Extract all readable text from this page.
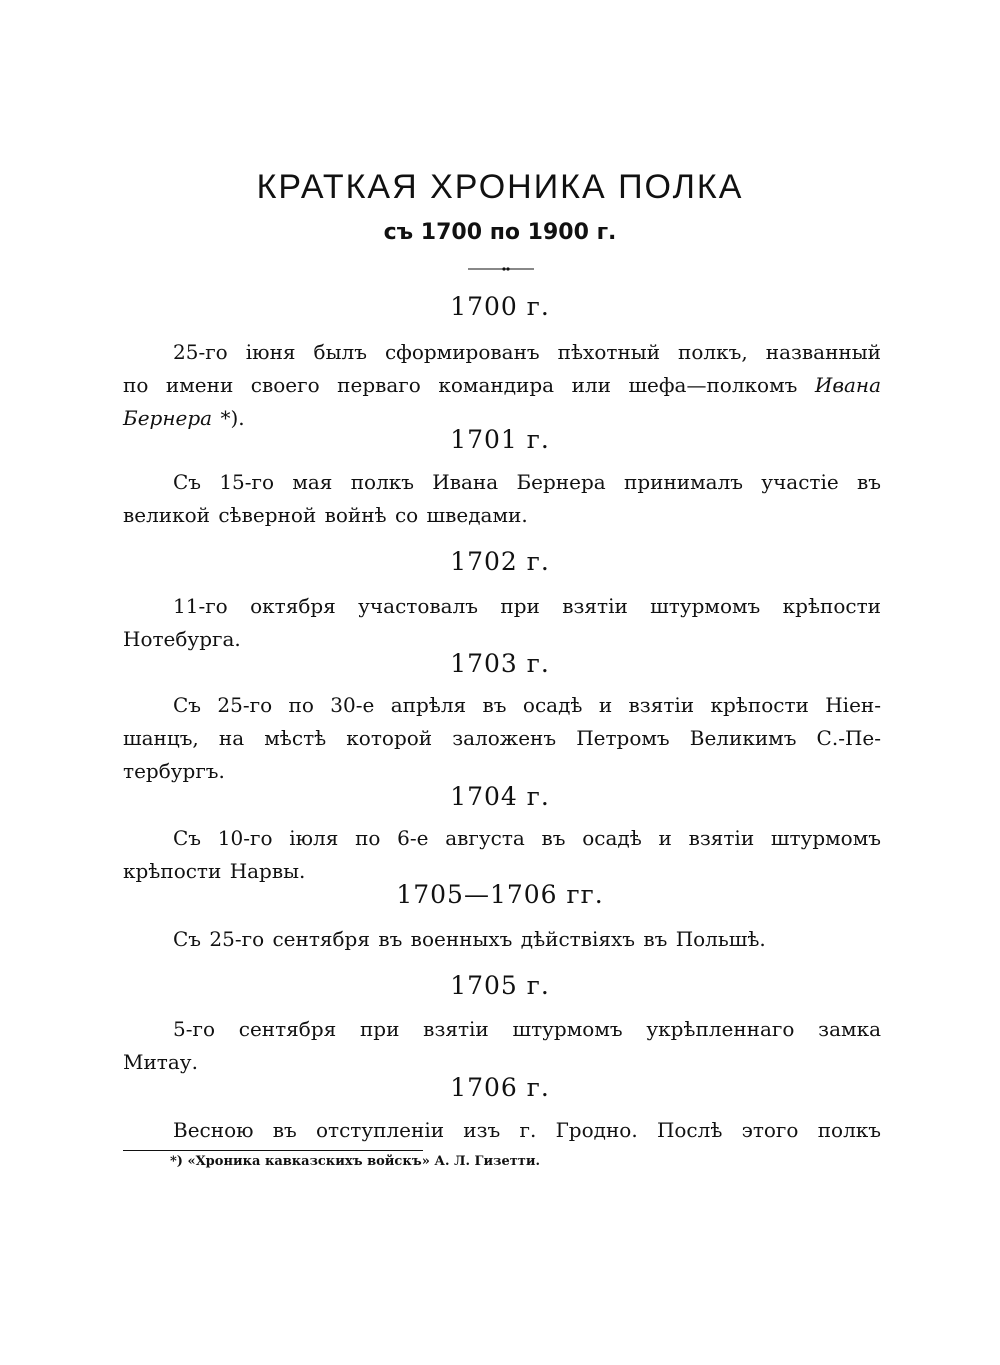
КРАТКАЯ ХРОНИКА ПОЛКА
съ 1700 по 1900 г.
1700 г.
25-го іюня былъ сформированъ пѣхотный полкъ, названный
по имени своего перваго командира или шефа—полкомъ Ивана
Бернера *).
1701 г.
Съ 15-го мая полкъ Ивана Бернера принималъ участіе въ
великой сѣверной войнѣ со шведами.
1702 г.
11-го октября участовалъ при взятіи штурмомъ крѣпости
Нотебурга.
1703 г.
Съ 25-го по 30-е апрѣля въ осадѣ и взятіи крѣпости Ніен-
шанцъ, на мѣстѣ которой заложенъ Петромъ Великимъ С.-Пе-
тербургъ.
1704 г.
Съ 10-го іюля по 6-е августа въ осадѣ и взятіи штурмомъ
крѣпости Нарвы.
1705—1706 гг.
Съ 25-го сентября въ военныхъ дѣйствіяхъ въ Польшѣ.
1705 г.
5-го сентября при взятіи штурмомъ укрѣпленнаго замка
Митау.
1706 г.
Весною въ отступленіи изъ г. Гродно. Послѣ этого полкъ
*) «Хроника кавказскихъ войскъ» А. Л. Гизетти.
